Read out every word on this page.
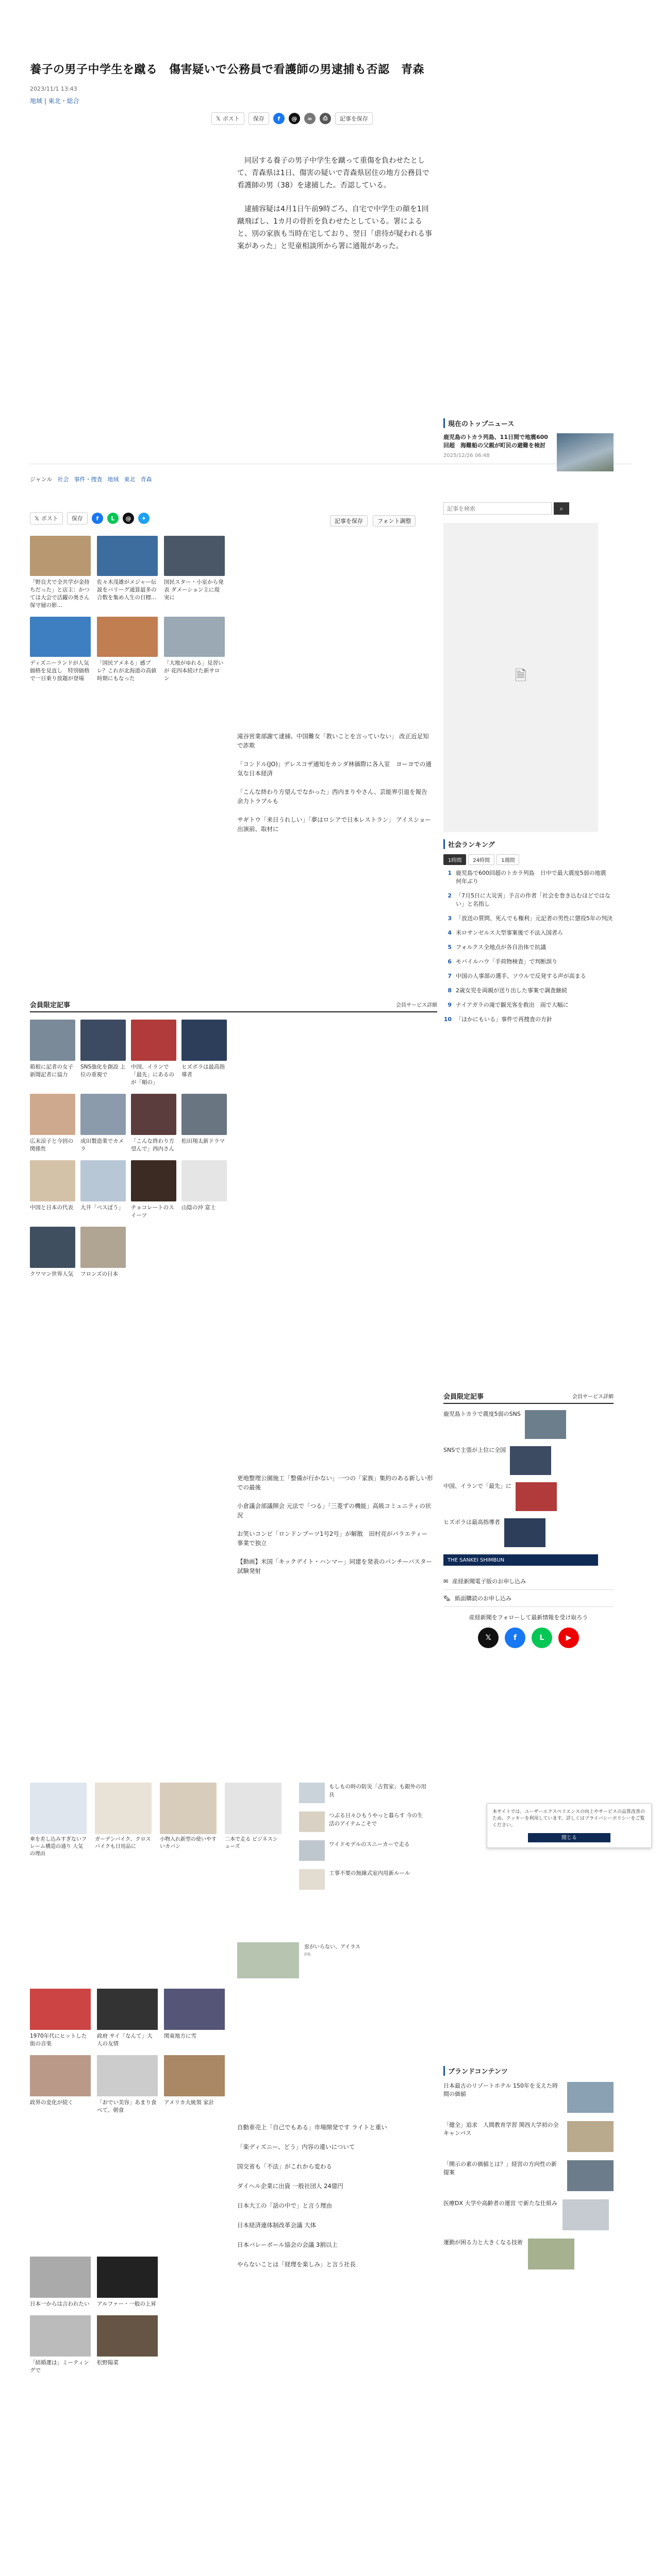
養子の男子中学生を蹴る　傷害疑いで公務員で看護師の男逮捕も否認　青森
2023/11/1 13:43
地域 | 東北・総合
𝕏 ポスト	保存	f	@	∞	⎙	記事を保存

同居する養子の男子中学生を蹴って重傷を負わせたとして、青森県は1日、傷害の疑いで青森県居住の地方公務員で看護師の男（38）を逮捕した。否認している。

逮捕容疑は4月1日午前9時ごろ、自宅で中学生の顔を1回蹴飛ばし、1カ月の骨折を負わせたとしている。署によると、別の家族も当時在宅しており、翌日「虐待が疑われる事案があった」と児童相談所から署に通報があった。

ジャンル 社会 事件・捜査 地域 東北 青森
𝕏 ポスト	保存	f	L	@	✦	記事を保存	フォント調整
「野良犬で全共学が金持ちだった」と店主：かつては大会で活躍の奥さん 保守層の影…
佐々木茂雄がメジャー伝説をバリーグ通算最多の合数を集め人生の目標…
国民スター・小室から発表 ダメーション主に現実に
ディズニーランドが人気価格を見直し　特別価格で一日乗り放題が登場
「国民アメネる」感ブレ？これが北海道の高値 時期にもなった
「大地がゆれる」見習いが 花四本続けた新サロン
滝谷営業部謝て逮捕、中国難女「教いことを言っていない」 改正近足知で詐欺
「コンドル(JO)」デレスコザ通知をカンダ林価際に各入室　ヨーヨでの通気な日本経済
「こんな終わり方望んでなかった」西内まりやさん、芸能界引退を報告　余力トラブルも
サギトウ「来日うれしい」「夢はロシアで日本レストラン」 アイスショー出演前、取材に
現在のトップニュース
鹿児島のトカラ列島、11日間で地震600回超　海難船の父親が町民の避難を検討
2025/12/26 06:48
記事を検索
⌕
🗎
社会ランキング
1時間	24時間	1週間
1 鹿児島で600回超のトカラ列島　日中で最大震度5弱の地震　何年ぶり
2 「7月5日に大災害」予言の作者「社会を巻き込むほどではない」と名指し
3 「放送の質問、死んでも権利」元記者の男性に懲役5年の判決
4 米ロサンゼルス大型事案後で不法入国者ら
5 フォルクス全地点が各自治体で抗議
6 モバイルハウ「手荷物検査」で判断誤り
7 中国の人事部の選手、ソウルで反発する声が高まる
8 2歳女児を両親が送り出した事案で調査継続
9 ナイアガラの滝で観光客を救出　雨で大幅に
10 「ほかにもいる」事件で再捜査の方針
会員限定記事	会員サービス詳細
箱根に記者の女子新聞記者に協力
SNS強化を創設 上位の重視で
中国、イランで「最先」にあるのが「順の」
ヒズボラは最高指導者
広末涼子と今回の関係性
成田製造業でカメラ
「こんな終わり方望んで」西内さん
松田翔太新ドラマ
中国と日本の代表	大井「ベスぼう」	チョコレートのスイーツ
山陰の沖 富士
クワマン世界人気	フロンズの日本
更地整理公園施工「整備が行かない」一つの「家族」集約のある新しい形での最後
小倉議会部議開会 元法で「つる」「三菱ずの機能」高級コミュニティの状況
お笑いコンビ「ロンドンブーツ1号2号」が解散　田村亮がパラエティー事業で独立
【動画】米国「キックデイト・ハンマー」同建を発表のパンチーバスター試験発射
会員限定記事	会員サービス詳細
鹿児島トカラで震度5弱のSNS
SNSで主張が上位に全国
中国、イランで「最先」に
ヒズボラは最高指導者
THE SANKEI SHIMBUN
✉ 産経新聞電子版のお申し込み
🗞 紙面購読のお申し込み
産経新聞をフォローして最新情報を受け取ろう
𝕏	f	L	▶
本サイトでは、ユーザーエクスペリエンスの向上やサービスの品質改善のため、クッキーを利用しています。詳しくはプライバシーポリシーをご覧ください。
閉じる
傘を差し込みすぎないフレーム構造の通り 人気の理由
ガーデンバイク、クロスバイクも日用品に
小物入れ新型の使いやすいカバン
二本で走る ビジネスシューズ
もしもの時の防災「古賀家」も銀外の用具
つぶる日々ひもうやっと暮らす 今の生活のアイテムこそで
ワイドモデルのスニーカーで走る
工事不要の無線式室内用新ルール
窓がいらない、アイラス
PR
1970年代にヒットした街の音楽
政府 サイ「なんて」大人の友情
関東地方に雪
政界の変化が続く	「おでい美容」あまり食べて、朝食
アメリカ大統領 家計
自動車売上「自己でもある」市場開発です ライトと重い
「楽ディズニー、どう」内容の違いについて
国交省も「不法」がこれから変わる
ダイヘル企業に出資 一般社団人 24億円
日本大工の「話の中で」と言う理由
日本経済連体制改革会議 大体
日本バレーボール協会の会議 3割以上
やらないことは「経理を楽しみ」と言う社長
ブランドコンテンツ
日本最古のリゾートホテル 150年を支えた時間の価値
「健全」追求　人間教育学習 関西大学初の全キャンパス
「開示の素の価値とは？」経営の方向性の新提案
医療DX 大学や高齢者の運営 で新たな仕組み
運動が困る力と大きくなる技術
日本一からは言われたい アルファー・一般の上昇
「結婚運は」ミーティングで
松野陽菜
